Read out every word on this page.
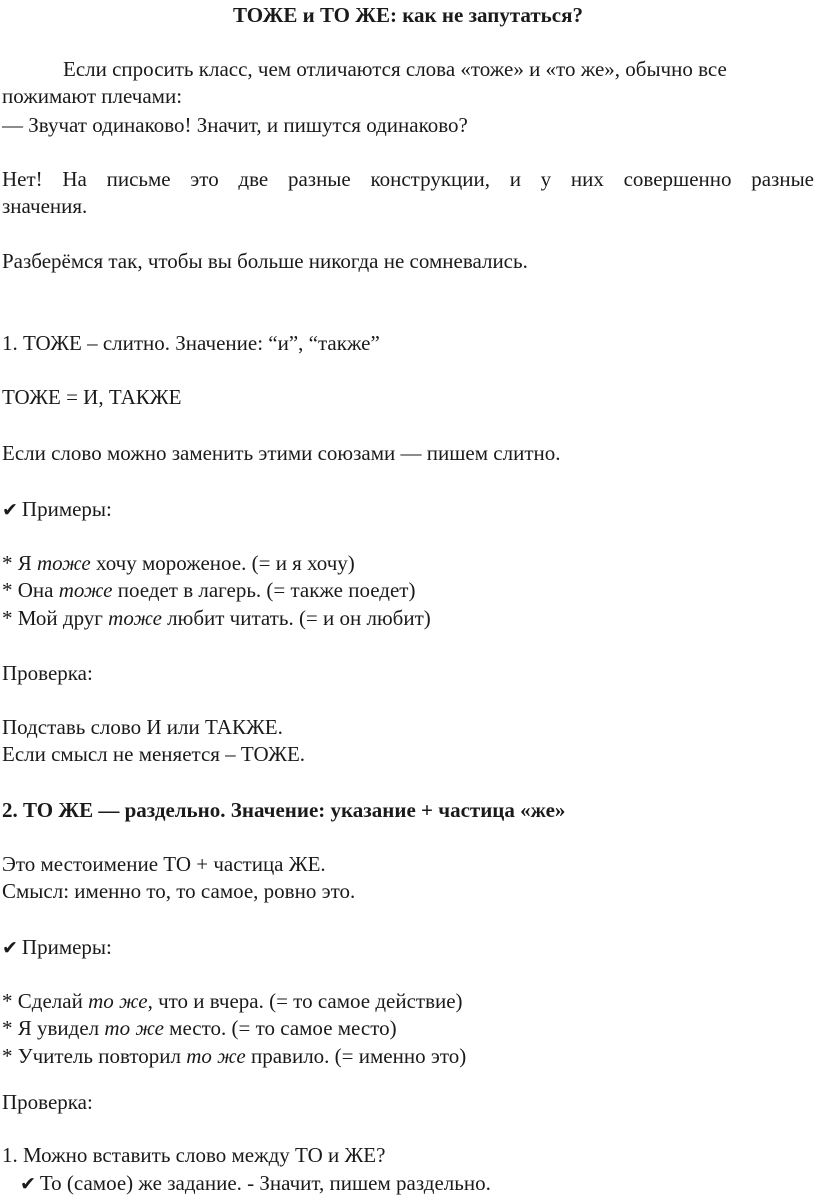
ТОЖЕ и ТО ЖЕ: как не запутаться?
Если спросить класс, чем отличаются слова «тоже» и «то же», обычно все
пожимают плечами:
— Звучат одинаково! Значит, и пишутся одинаково?
Нет! На письме это две разные конструкции, и у них совершенно разные
значения.
Разберёмся так, чтобы вы больше никогда не сомневались.
1. ТОЖЕ – слитно. Значение: “и”, “также”
ТОЖЕ = И, ТАКЖЕ
Если слово можно заменить этими союзами — пишем слитно.
✔ Примеры:
* Я тоже хочу мороженое. (= и я хочу)
* Она тоже поедет в лагерь. (= также поедет)
* Мой друг тоже любит читать. (= и он любит)
Проверка:
Подставь слово И или ТАКЖЕ.
Если смысл не меняется – ТОЖЕ.
2. ТО ЖЕ — раздельно. Значение: указание + частица «же»
Это местоимение ТО + частица ЖЕ.
Смысл: именно то, то самое, ровно это.
✔ Примеры:
* Сделай то же, что и вчера. (= то самое действие)
* Я увидел то же место. (= то самое место)
* Учитель повторил то же правило. (= именно это)
Проверка:
1. Можно вставить слово между ТО и ЖЕ?
✔ То (самое) же задание. - Значит, пишем раздельно.
